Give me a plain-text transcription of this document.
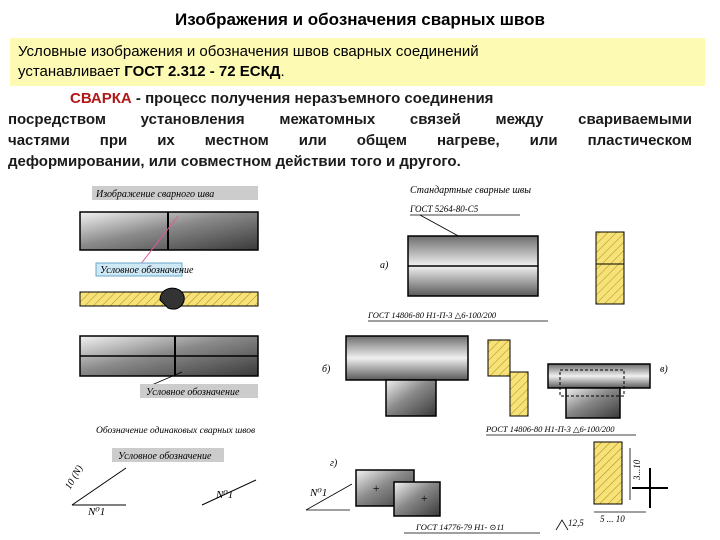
Изображения и обозначения сварных швов
Условные изображения и обозначения швов сварных соединений
устанавливает ГОСТ 2.312 - 72 ЕСКД.
СВАРКА - процесс получения неразъемного соединения
посредством установления межатомных связей между свариваемыми
частями при их местном или общем нагреве, или пластическом
деформировании, или совместном действии того и другого.
Изображение сварного шва
Условное обозначение
Условное обозначение
Обозначение одинаковых сварных швов
Условное обозначение
10 (N)
N⁰1
N⁰1
Стандартные сварные швы
ГОСТ 5264-80-С5
а)
ГОСТ 14806-80 Н1-П-3 △6-100/200
б)	в)
РОСТ 14806-80 Н1-П-3 △6-100/200
г)
+
+
N⁰1
ГОСТ 14776-79 Н1- ⊙11	12,5
3...10
5 ... 10
